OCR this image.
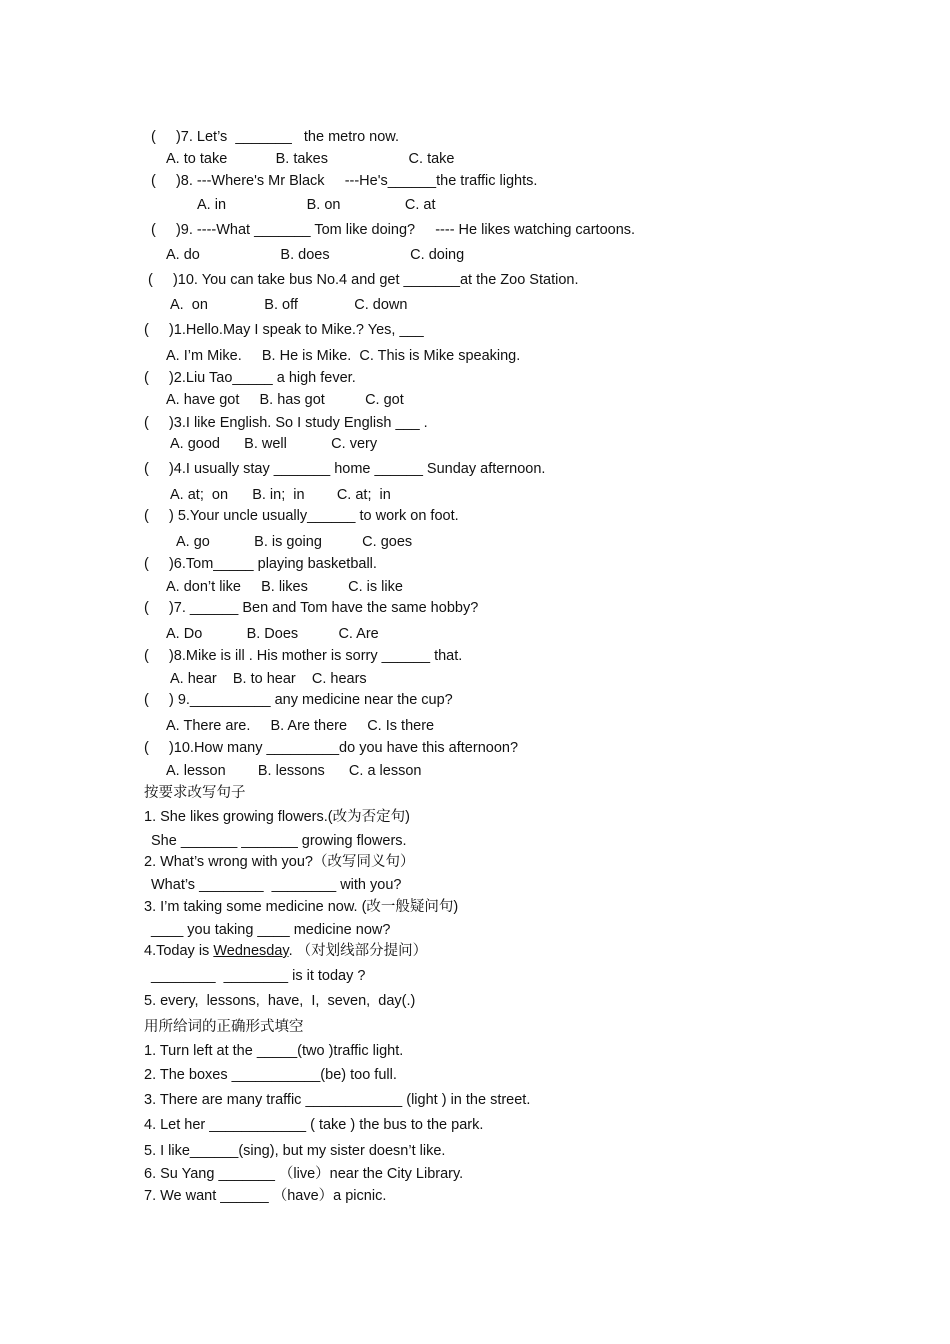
(     )7. Let’s  _______   the metro now.
A. to take            B. takes                    C. take
(     )8. ---Where's Mr Black     ---He's______the traffic lights.
A. in                    B. on                C. at
(     )9. ----What _______ Tom like doing?     ---- He likes watching cartoons.
A. do                    B. does                    C. doing
(     )10. You can take bus No.4 and get _______at the Zoo Station.
A.  on              B. off              C. down
(     )1.Hello.May I speak to Mike.? Yes, ___
A. I’m Mike.     B. He is Mike.  C. This is Mike speaking.
(     )2.Liu Tao_____ a high fever.
A. have got     B. has got          C. got
(     )3.I like English. So I study English ___ .
A. good      B. well           C. very
(     )4.I usually stay _______ home ______ Sunday afternoon.
A. at;  on      B. in;  in        C. at;  in
(     ) 5.Your uncle usually______ to work on foot.
A. go           B. is going          C. goes
(     )6.Tom_____ playing basketball.
A. don’t like     B. likes          C. is like
(     )7. ______ Ben and Tom have the same hobby?
A. Do           B. Does          C. Are
(     )8.Mike is ill . His mother is sorry ______ that.
A. hear    B. to hear    C. hears
(     ) 9.__________ any medicine near the cup?
A. There are.     B. Are there     C. Is there
(     )10.How many _________do you have this afternoon?
A. lesson        B. lessons      C. a lesson
按要求改写句子
1. She likes growing flowers.(改为否定句)
She _______ _______ growing flowers.
2. What’s wrong with you?（改写同义句）
What’s ________  ________ with you?
3. I’m taking some medicine now. (改一般疑问句)
____ you taking ____ medicine now?
4.Today is Wednesday. （对划线部分提问）
________  ________ is it today ?
5. every,  lessons,  have,  I,  seven,  day(.)
用所给词的正确形式填空
1. Turn left at the _____(two )traffic light.
2. The boxes ___________(be) too full.
3. There are many traffic ____________ (light ) in the street.
4. Let her ____________ ( take ) the bus to the park.
5. I like______(sing), but my sister doesn’t like.
6. Su Yang _______ （live）near the City Library.
7. We want ______ （have）a picnic.
